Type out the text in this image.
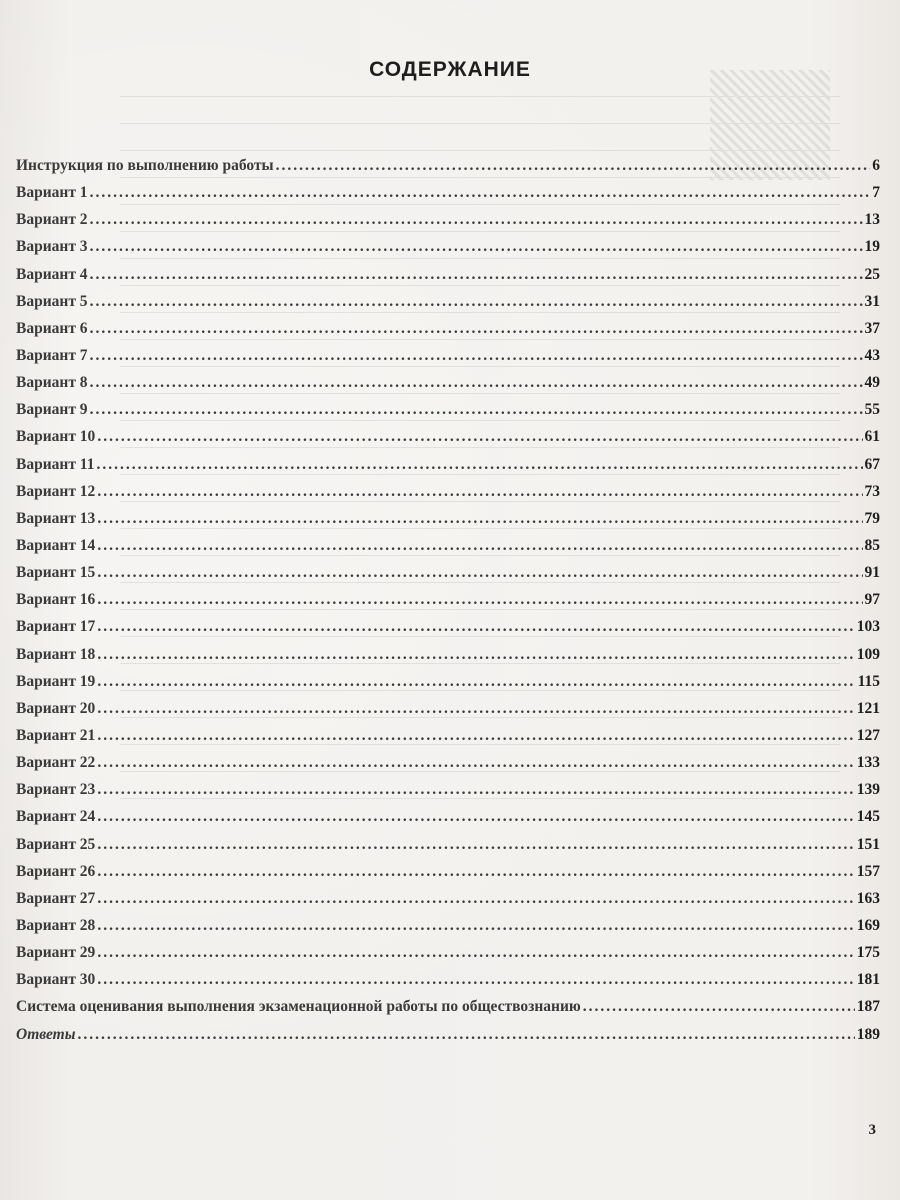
СОДЕРЖАНИЕ
Инструкция по выполнению работы .....	6
Вариант 1 .....	7
Вариант 2 .....	13
Вариант 3 .....	19
Вариант 4 .....	25
Вариант 5 .....	31
Вариант 6 .....	37
Вариант 7 .....	43
Вариант 8 .....	49
Вариант 9 .....	55
Вариант 10 .....	61
Вариант 11 .....	67
Вариант 12 .....	73
Вариант 13 .....	79
Вариант 14 .....	85
Вариант 15 .....	91
Вариант 16 .....	97
Вариант 17 .....	103
Вариант 18 .....	109
Вариант 19 .....	115
Вариант 20 .....	121
Вариант 21 .....	127
Вариант 22 .....	133
Вариант 23 .....	139
Вариант 24 .....	145
Вариант 25 .....	151
Вариант 26 .....	157
Вариант 27 .....	163
Вариант 28 .....	169
Вариант 29 .....	175
Вариант 30 .....	181
Система оценивания выполнения экзаменационной работы по обществознанию .....	187
Ответы .....	189
3
